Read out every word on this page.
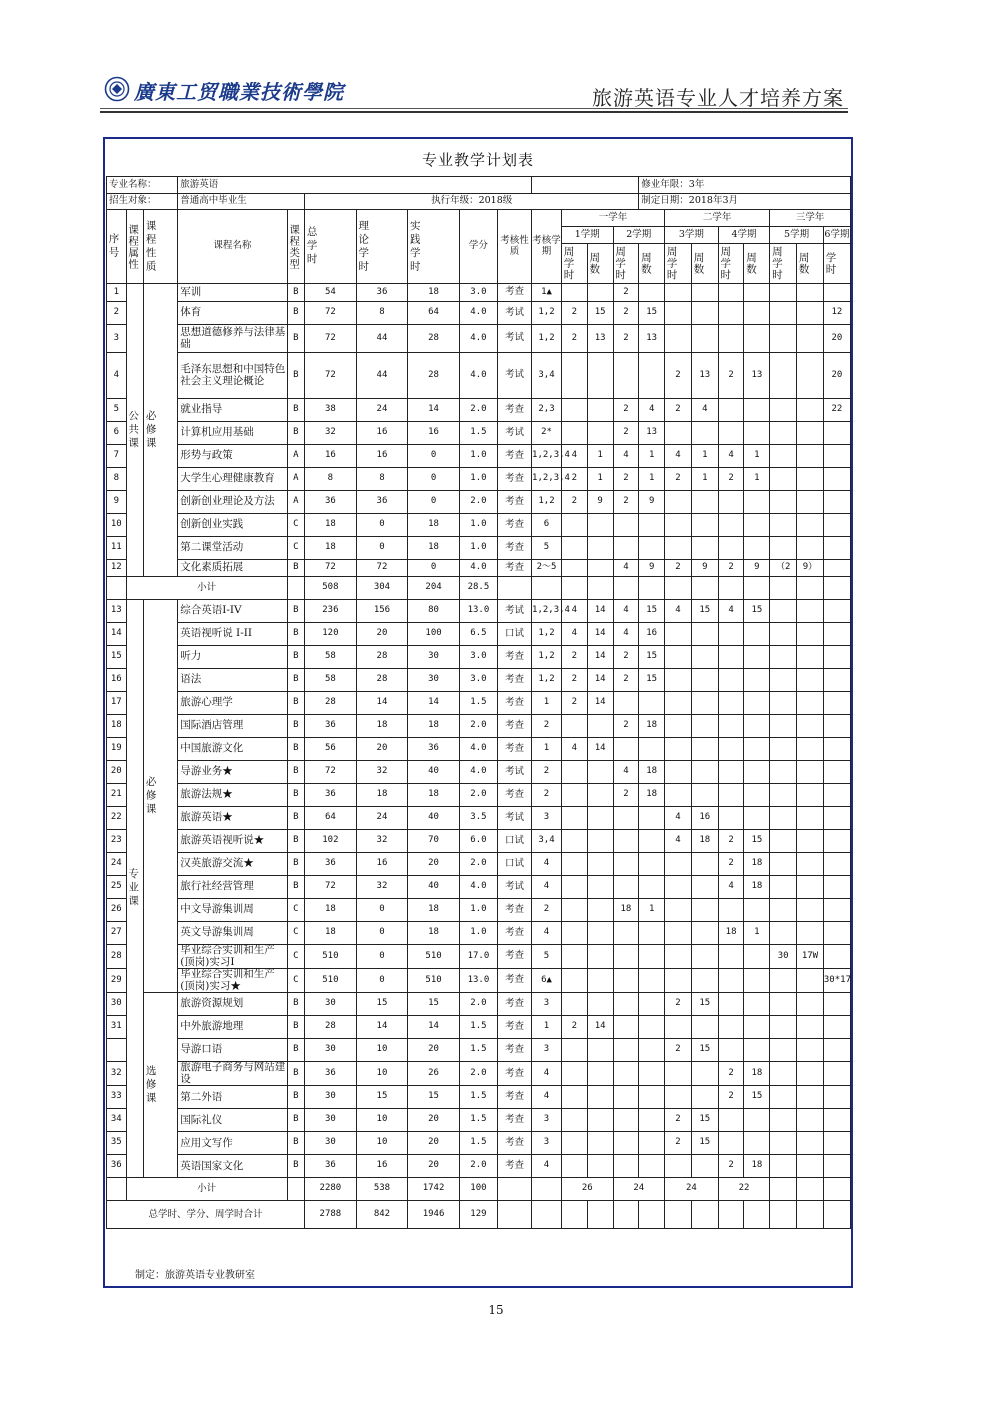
廣東工贸職業技術學院	旅游英语专业人才培养方案
专业教学计划表
专业名称：			旅游英语											修业年限：3年							
招生对象：			普通高中毕业生		执行年级：2018级									制定日期：2018年3月							

序号	课程属性	课程性质	课程名称	课程类型	总学时	理论学时	实践学时	学分	考核性质	考核学期	一学年				二学年				三学年		
											1学期		2学期		3学期		4学期		5学期		6学期

											周学时	周数	周学时	周数	周学时	周数	周学时	周数	周学时	周数	学时

1	公共课	必修课	军训	B	54	36	18	3.0	考查	1▲			2								
2			体育	B	72	8	64	4.0	考试	1,2	2	15	2	15							12
3			思想道德修养与法律基础	B	72	44	28	4.0	考试	1,2	2	13	2	13							20
4			毛泽东思想和中国特色社会主义理论概论	B	72	44	28	4.0	考试	3,4					2	13	2	13			20
5			就业指导	B	38	24	14	2.0	考查	2,3			2	4	2	4					22
6			计算机应用基础	B	32	16	16	1.5	考试	2*			2	13							
7			形势与政策	A	16	16	0	1.0	考查	1,2,3,4	4	1	4	1	4	1	4	1			
8			大学生心理健康教育	A	8	8	0	1.0	考查	1,2,3,4	2	1	2	1	2	1	2	1			
9			创新创业理论及方法	A	36	36	0	2.0	考查	1,2	2	9	2	9							
10			创新创业实践	C	18	0	18	1.0	考查	6											
11			第二课堂活动	C	18	0	18	1.0	考查	5											
12			文化素质拓展	B	72	72	0	4.0	考查	2～5			4	9	2	9	2	9	（2	9）	
	小计				508	304	204	28.5													
13	专业课	必修课	综合英语I-IV	B	236	156	80	13.0	考试	1,2,3,4	4	14	4	15	4	15	4	15			
14			英语视听说 I-II	B	120	20	100	6.5	口试	1,2	4	14	4	16							
15			听力	B	58	28	30	3.0	考查	1,2	2	14	2	15							
16			语法	B	58	28	30	3.0	考查	1,2	2	14	2	15							
17			旅游心理学	B	28	14	14	1.5	考查	1	2	14									
18			国际酒店管理	B	36	18	18	2.0	考查	2			2	18							
19			中国旅游文化	B	56	20	36	4.0	考查	1	4	14									
20			导游业务★	B	72	32	40	4.0	考试	2			4	18							
21			旅游法规★	B	36	18	18	2.0	考查	2			2	18							
22			旅游英语★	B	64	24	40	3.5	考试	3					4	16					
23			旅游英语视听说★	B	102	32	70	6.0	口试	3,4					4	18	2	15			
24			汉英旅游交流★	B	36	16	20	2.0	口试	4							2	18			
25			旅行社经营管理	B	72	32	40	4.0	考试	4							4	18			
26			中文导游集训周	C	18	0	18	1.0	考查	2			18	1							
27			英文导游集训周	C	18	0	18	1.0	考查	4							18	1			
28			毕业综合实训和生产(顶岗)实习I	C	510	0	510	17.0	考查	5									30	17W	
29			毕业综合实训和生产(顶岗)实习★	C	510	0	510	13.0	考查	6▲											30*17
30		选修课	旅游资源规划	B	30	15	15	2.0	考查	3					2	15					
31			中外旅游地理	B	28	14	14	1.5	考查	1	2	14									
			导游口语	B	30	10	20	1.5	考查	3					2	15					
32			旅游电子商务与网站建设	B	36	10	26	2.0	考查	4							2	18			
33			第二外语	B	30	15	15	1.5	考查	4							2	15			
34			国际礼仪	B	30	10	20	1.5	考查	3					2	15					
35			应用文写作	B	30	10	20	1.5	考查	3					2	15					
36			英语国家文化	B	36	16	20	2.0	考查	4							2	18			
	小计				2280	538	1742	100			26		24		24		22				
总学时、学分、周学时合计					2788	842	1946	129													
制定：旅游英语专业教研室
15
